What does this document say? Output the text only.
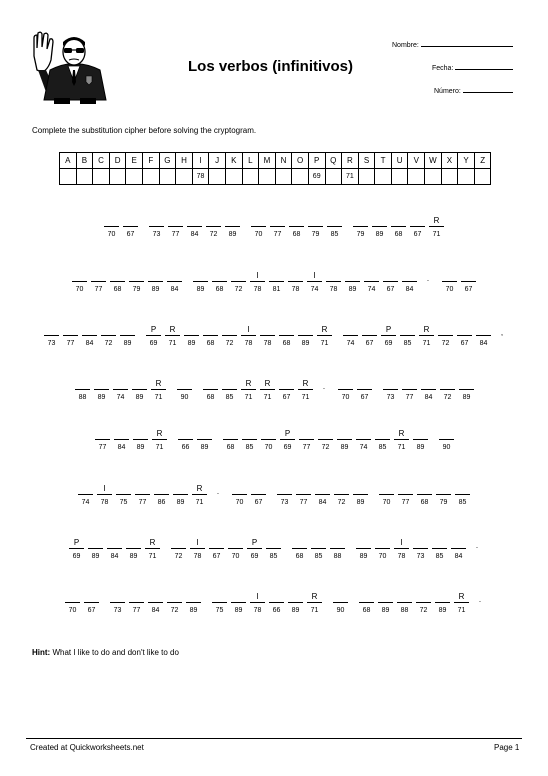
Los verbos (infinitivos)
Nombre:
Fecha:
Número:
Complete the substitution cipher before solving the cryptogram.
A	B	C	D	E	F	G	H	I	J	K	L	M	N	O	P	Q	R	S	T	U	V	W	X	Y	Z
								78							69		71								
70 67	73 77 84 72 89	70 77 68 79 85	79 89 68 67
R
71
70 77 68 79 89 84	89 68 72
I
78 81 78
I
74 78 89 74 67 84
.
70 67
73 77 84 72 89
P
69
R
71 89 68 72
I
78 78 68 89
R
71	74 67
P
69 85
R
71 72 67 84
,
88 89 74 89
R
71	90	68 85
R
71
R
71 67
R
71
.
70 67	73 77 84 72 89
77 84 89
R
71	66 89	68 85 70
P
69 77 72 89 74 85
R
71 89	90
74
I
78 75 77 86 89
R
71
.
70 67	73 77 84 72 89	70 77 68 79 85
P
69 89 84 89
R
71	72
I
78 67 70
P
69 85	68 85 88	89 70
I
78 73 85 84
.
70 67	73 77 84 72 89	75 89
I
78 66 89
R
71	90	68 89 88 72 89
R
71
.
Hint: What I like to do and don't like to do
Created at Quickworksheets.net	Page 1
